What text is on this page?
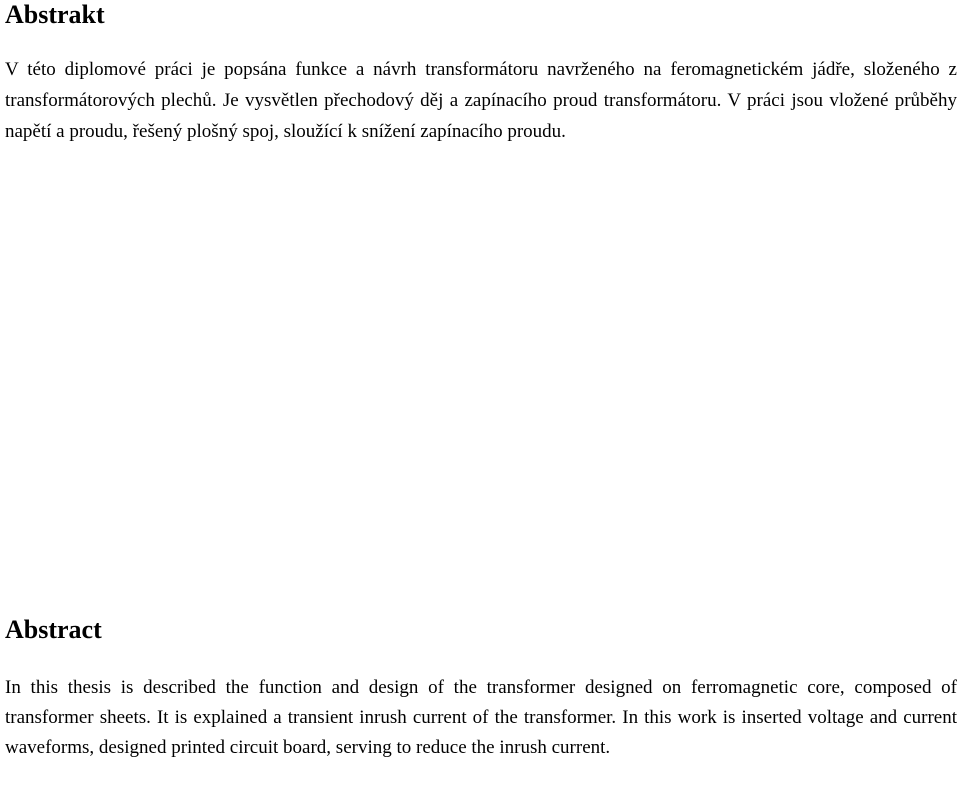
Abstrakt

V této diplomové práci je popsána funkce a návrh transformátoru navrženého na feromagnetickém jádře, složeného z transformátorových plechů. Je vysvětlen přechodový děj a zapínacího proud transformátoru. V práci jsou vložené průběhy napětí a proudu, řešený plošný spoj, sloužící k snížení zapínacího proudu.

Abstract

In this thesis is described the function and design of the transformer designed on ferromagnetic core, composed of transformer sheets. It is explained a transient inrush current of the transformer. In this work is inserted voltage and current waveforms, designed printed circuit board, serving to reduce the inrush current.
